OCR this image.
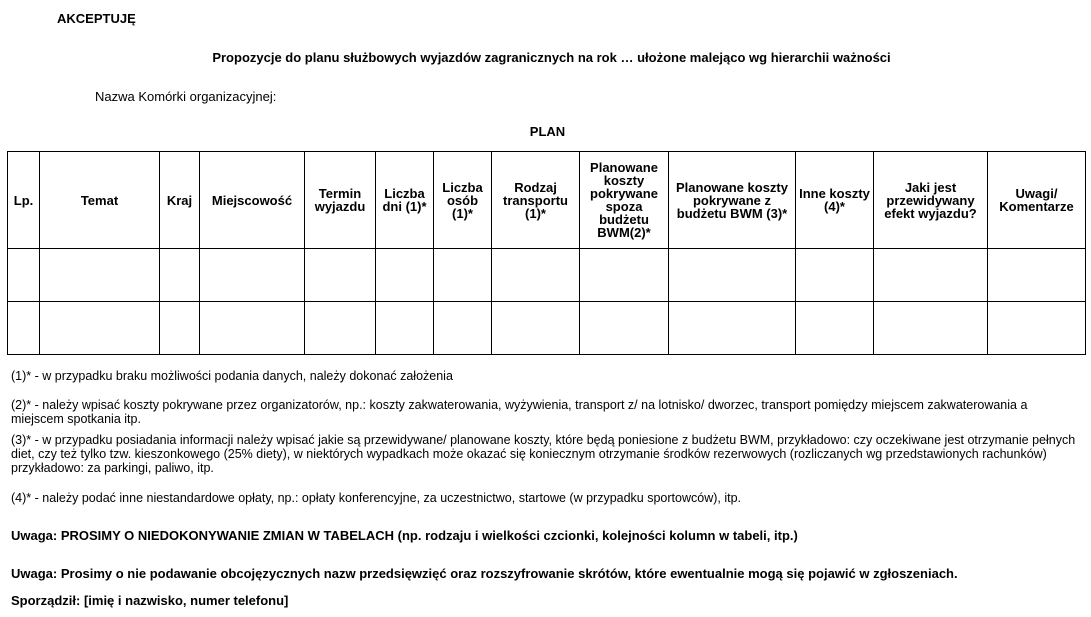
AKCEPTUJĘ
Propozycje do planu służbowych wyjazdów zagranicznych na rok … ułożone malejąco wg hierarchii ważności
Nazwa Komórki organizacyjnej:
PLAN
Lp.	Temat	Kraj	Miejscowość	Termin wyjazdu	Liczba dni (1)*	Liczba osób (1)*	Rodzaj transportu (1)*	Planowane koszty pokrywane spoza budżetu BWM(2)*	Planowane koszty pokrywane z budżetu BWM (3)*	Inne koszty (4)*	Jaki jest przewidywany efekt wyjazdu?	Uwagi/ Komentarze

(1)* - w przypadku braku możliwości podania danych, należy dokonać założenia
(2)* - należy wpisać koszty pokrywane przez organizatorów, np.: koszty zakwaterowania, wyżywienia, transport z/ na lotnisko/ dworzec, transport pomiędzy miejscem zakwaterowania a miejscem spotkania itp.
(3)* - w przypadku posiadania informacji należy wpisać jakie są przewidywane/ planowane koszty, które będą poniesione z budżetu BWM, przykładowo: czy oczekiwane jest otrzymanie pełnych diet, czy też tylko tzw. kieszonkowego (25% diety), w niektórych wypadkach może okazać się koniecznym otrzymanie środków rezerwowych (rozliczanych wg przedstawionych rachunków) przykładowo: za parkingi, paliwo, itp.
(4)* - należy podać inne niestandardowe opłaty, np.: opłaty konferencyjne, za uczestnictwo, startowe (w przypadku sportowców), itp.
Uwaga: PROSIMY O NIEDOKONYWANIE ZMIAN W TABELACH (np. rodzaju i wielkości czcionki, kolejności kolumn w tabeli, itp.)
Uwaga: Prosimy o nie podawanie obcojęzycznych nazw przedsięwzięć oraz rozszyfrowanie skrótów, które ewentualnie mogą się pojawić w zgłoszeniach.
Sporządził: [imię i nazwisko, numer telefonu]
